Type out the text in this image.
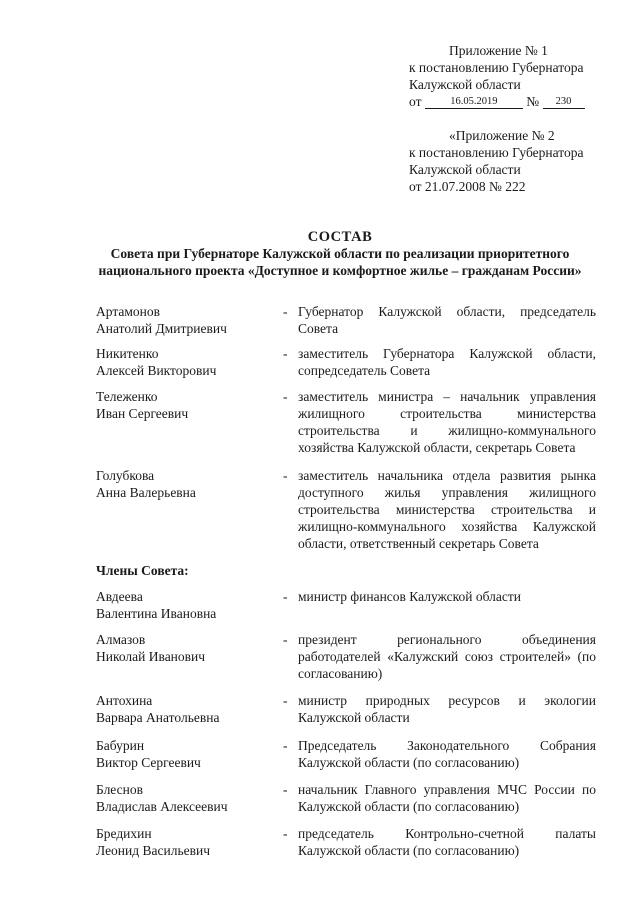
Приложение № 1
к постановлению Губернатора
Калужской области
от	16.05.2019 № 230
«Приложение № 2
к постановлению Губернатора
Калужской области
от 21.07.2008 № 222
СОСТАВ
Совета при Губернаторе Калужской области по реализации приоритетного
национального проекта «Доступное и комфортное жилье – гражданам России»
Артамонов
Анатолий Дмитриевич
- Губернатор Калужской области, председатель Совета
Никитенко
Алексей Викторович
- заместитель Губернатора Калужской области, сопредседатель Совета
Тележенко
Иван Сергеевич
- заместитель министра – начальник управления жилищного строительства министерства строительства и жилищно-коммунального хозяйства Калужской области, секретарь Совета
Голубкова
Анна Валерьевна
- заместитель начальника отдела развития рынка доступного жилья управления жилищного строительства министерства строительства и жилищно-коммунального хозяйства Калужской области, ответственный секретарь Совета
Члены Совета:
Авдеева
Валентина Ивановна
- министр финансов Калужской области
Алмазов
Николай Иванович
- президент регионального объединения работодателей «Калужский союз строителей» (по согласованию)
Антохина
Варвара Анатольевна
- министр природных ресурсов и экологии Калужской области
Бабурин
Виктор Сергеевич
- Председатель Законодательного Собрания Калужской области (по согласованию)
Блеснов
Владислав Алексеевич
- начальник Главного управления МЧС России по Калужской области (по согласованию)
Бредихин
Леонид Васильевич
- председатель Контрольно-счетной палаты Калужской области (по согласованию)
